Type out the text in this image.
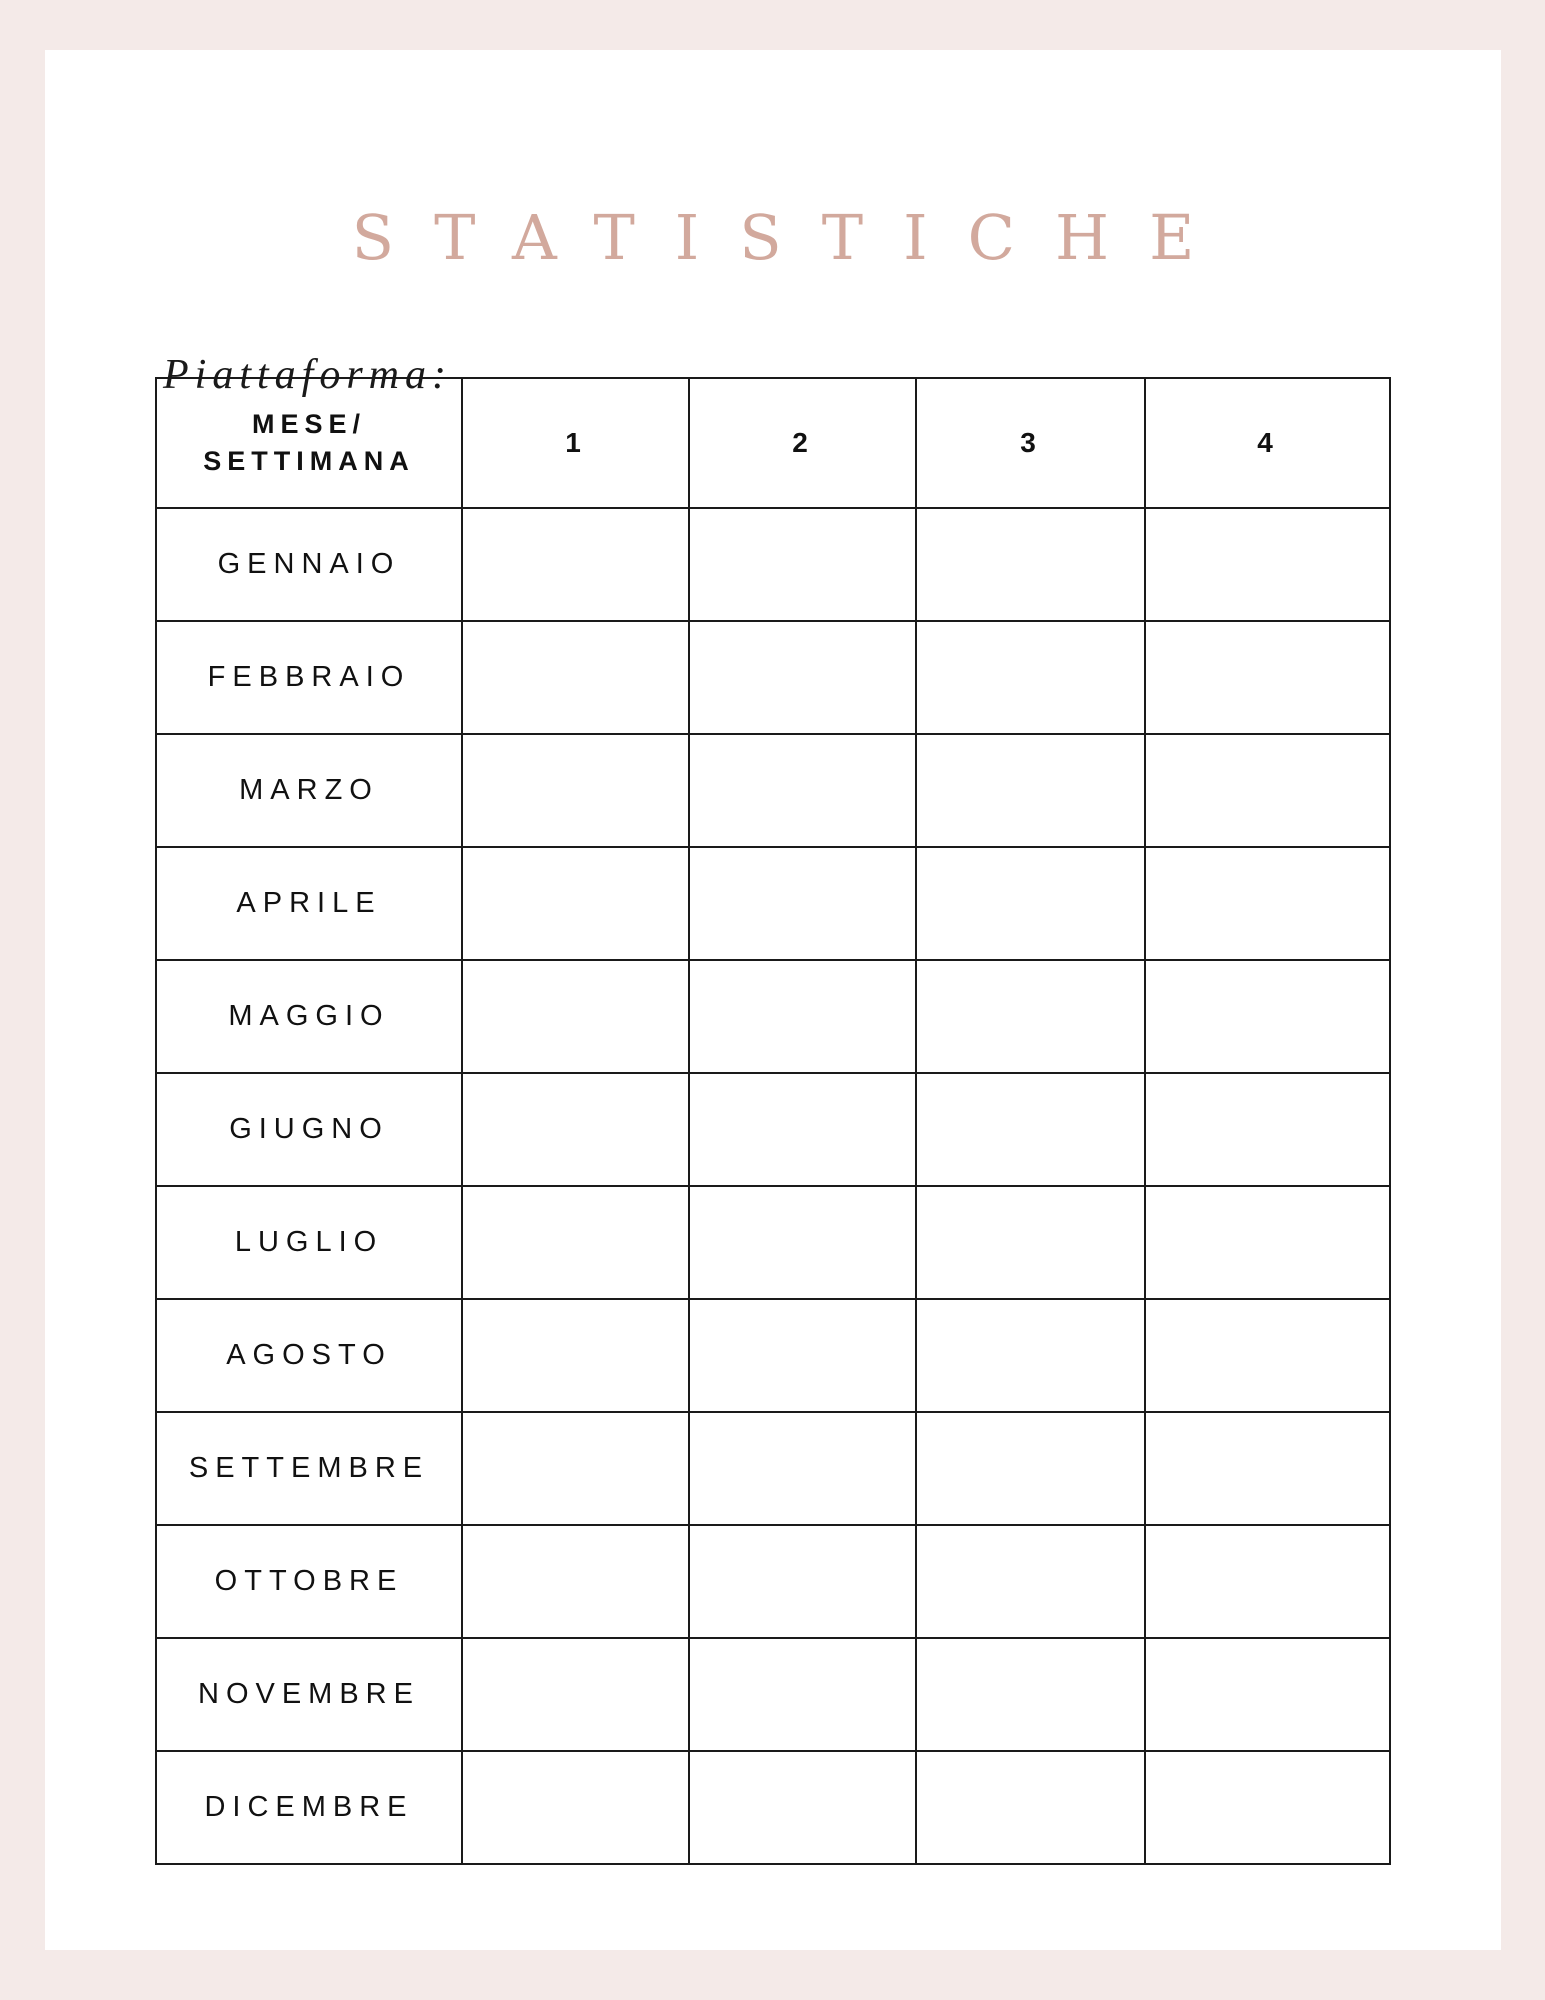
STATISTICHE
Piattaforma:
MESE/
SETTIMANA	1	2	3	4
GENNAIO				
FEBBRAIO				
MARZO				
APRILE				
MAGGIO				
GIUGNO				
LUGLIO				
AGOSTO				
SETTEMBRE				
OTTOBRE				
NOVEMBRE				
DICEMBRE				
